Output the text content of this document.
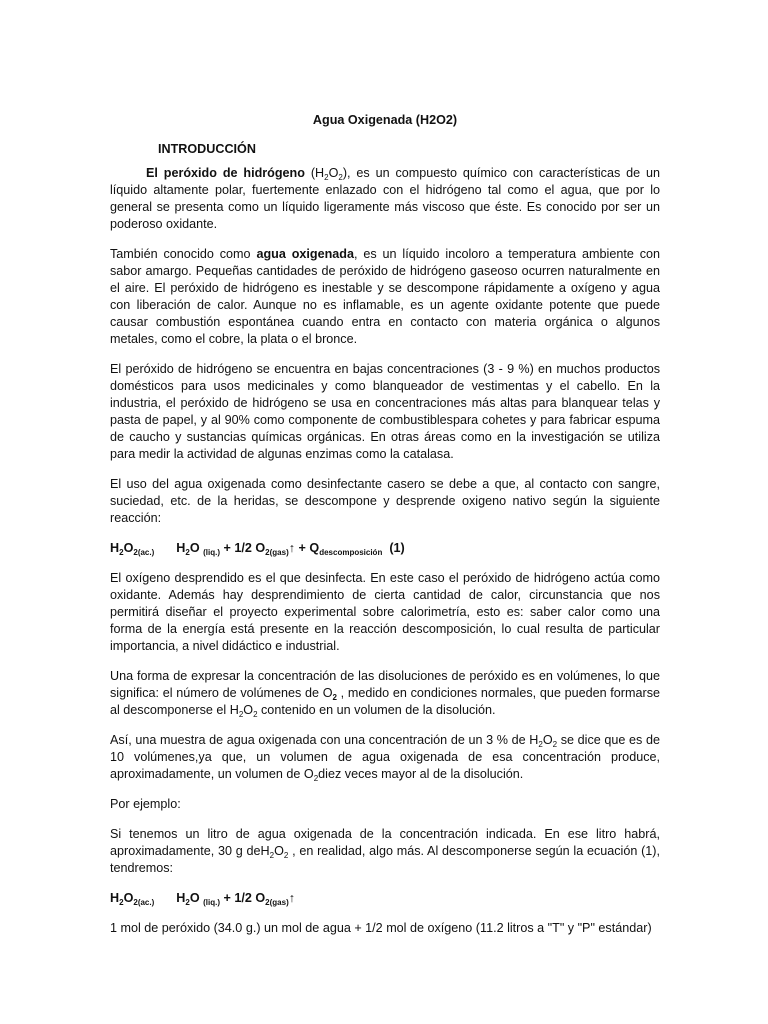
Agua Oxigenada (H2O2)
INTRODUCCIÓN

El peróxido de hidrógeno $(H_2O_2)$, es un compuesto químico con características de un líquido altamente polar, fuertemente enlazado con el hidrógeno tal como el agua, que por lo general se presenta como un líquido ligeramente más viscoso que éste. Es conocido por ser un poderoso oxidante.

También conocido como agua oxigenada, es un líquido incoloro a temperatura ambiente con sabor amargo. Pequeñas cantidades de peróxido de hidrógeno gaseoso ocurren naturalmente en el aire. El peróxido de hidrógeno es inestable y se descompone rápidamente a oxígeno y agua con liberación de calor. Aunque no es inflamable, es un agente oxidante potente que puede causar combustión espontánea cuando entra en contacto con materia orgánica o algunos metales, como el cobre, la plata o el bronce.

El peróxido de hidrógeno se encuentra en bajas concentraciones (3 - 9 %) en muchos productos domésticos para usos medicinales y como blanqueador de vestimentas y el cabello. En la industria, el peróxido de hidrógeno se usa en concentraciones más altas para blanquear telas y pasta de papel, y al 90% como componente de combustiblespara cohetes y para fabricar espuma de caucho y sustancias químicas orgánicas. En otras áreas como en la investigación se utiliza para medir la actividad de algunas enzimas como la catalasa.

El uso del agua oxigenada como desinfectante casero se debe a que, al contacto con sangre, suciedad, etc. de la heridas, se descompone y desprende oxigeno nativo según la siguiente reacción:

$H_2O_{2(ac.)}$ $H_2O$ $_{(liq.)}$ + 1/2 $O_{2(gas)}↑ + Q_{descomposición}$ (1)

El oxígeno desprendido es el que desinfecta. En este caso el peróxido de hidrógeno actúa como oxidante. Además hay desprendimiento de cierta cantidad de calor, circunstancia que nos permitirá diseñar el proyecto experimental sobre calorimetría, esto es: saber calor como una forma de la energía está presente en la reacción descomposición, lo cual resulta de particular importancia, a nivel didáctico e industrial.

Una forma de expresar la concentración de las disoluciones de peróxido es en volúmenes, lo que significa: el número de volúmenes de $O_2$ , medido en condiciones normales, que pueden formarse al descomponerse el $H_2O_2$ contenido en un volumen de la disolución.

Así, una muestra de agua oxigenada con una concentración de un 3 % de $H_2O_2$ se dice que es de 10 volúmenes,ya que, un volumen de agua oxigenada de esa concentración produce, aproximadamente, un volumen de $O_2diez$ veces mayor al de la disolución.

Por ejemplo:

Si tenemos un litro de agua oxigenada de la concentración indicada. En ese litro habrá, aproximadamente, 30 g $deH_2O_2$ , en realidad, algo más. Al descomponerse según la ecuación (1), tendremos:

$H_2O_{2(ac.)}$ $H_2O$ $_{(liq.)}$ + 1/2 $O_{2(gas)}↑$

1 mol de peróxido (34.0 g.) un mol de agua + 1/2 mol de oxígeno (11.2 litros a "T" y "P" estándar)
